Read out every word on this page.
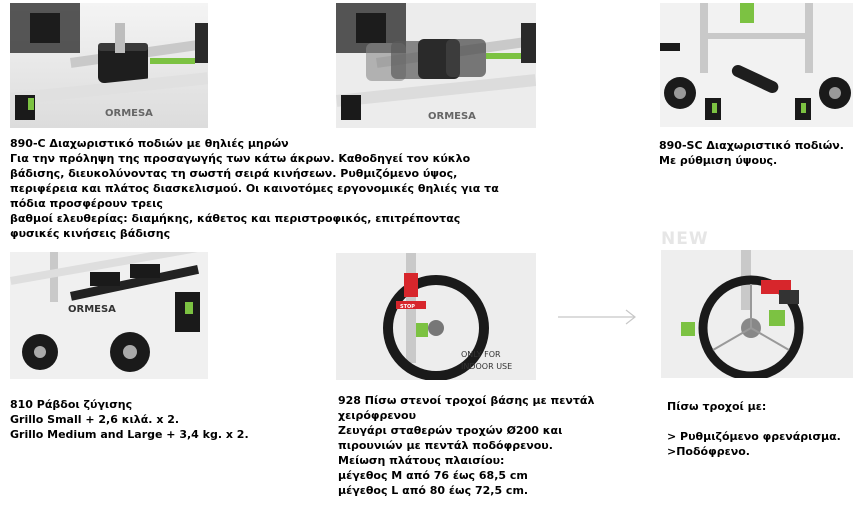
ORMESA	ORMESA
890-C Διαχωριστικό ποδιών με θηλιές μηρών
Για την πρόληψη της προσαγωγής των κάτω άκρων. Καθοδηγεί τον κύκλο
βάδισης, διευκολύνοντας τη σωστή σειρά κινήσεων. Ρυθμιζόμενο ύψος,
περιφέρεια και πλάτος διασκελισμού. Οι καινοτόμες εργονομικές θηλιές για τα
πόδια προσφέρουν τρεις
βαθμοί ελευθερίας: διαμήκης, κάθετος και περιστροφικός, επιτρέποντας
φυσικές κινήσεις βάδισης
890-SC Διαχωριστικό ποδιών.
Με ρύθμιση ύψους.
NEW
ORMESA	STOP
ONLY FOR
INDOOR USE
810 Ράβδοι ζύγισης
Grillo Small + 2,6 κιλά. x 2.
Grillo Medium and Large + 3,4 kg. x 2.
928 Πίσω στενοί τροχοί βάσης με πεντάλ
χειρόφρενου
Ζευγάρι σταθερών τροχών Ø200 και
πιρουνιών με πεντάλ ποδόφρενου.
Μείωση πλάτους πλαισίου:
μέγεθος M από 76 έως 68,5 cm
μέγεθος L από 80 έως 72,5 cm.
Πίσω τροχοί με:
> Ρυθμιζόμενο φρενάρισμα.
>Ποδόφρενο.
